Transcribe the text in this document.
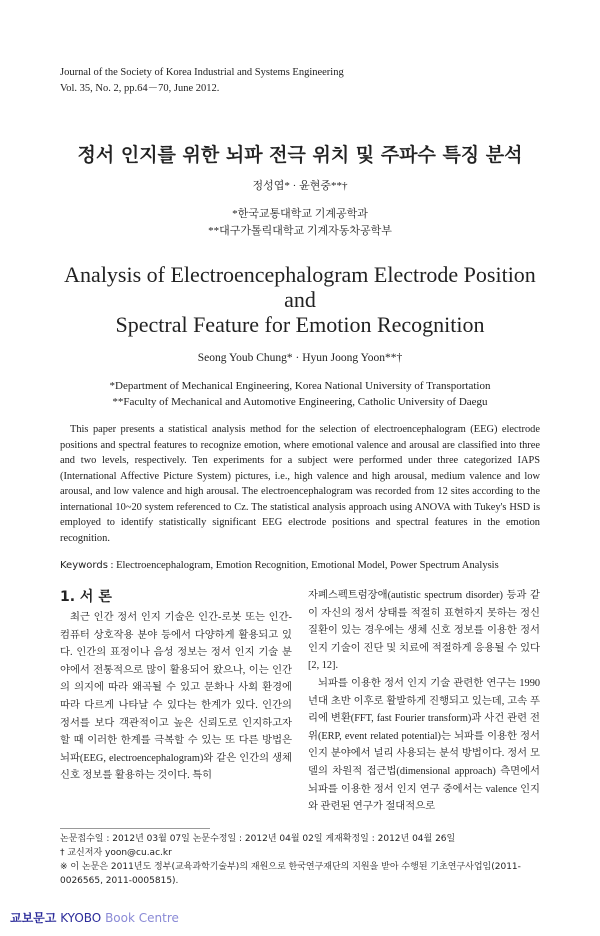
Journal of the Society of Korea Industrial and Systems Engineering
Vol. 35, No. 2, pp.64－70, June 2012.
정서 인지를 위한 뇌파 전극 위치 및 주파수 특징 분석
정성엽* · 윤현중**†
*한국교통대학교 기계공학과
**대구가톨릭대학교 기계자동차공학부
Analysis of Electroencephalogram Electrode Position and
Spectral Feature for Emotion Recognition
Seong Youb Chung* · Hyun Joong Yoon**†
*Department of Mechanical Engineering, Korea National University of Transportation
**Faculty of Mechanical and Automotive Engineering, Catholic University of Daegu
This paper presents a statistical analysis method for the selection of electroencephalogram (EEG) electrode positions and spectral features to recognize emotion, where emotional valence and arousal are classified into three and two levels, respectively. Ten experiments for a subject were performed under three categorized IAPS (International Affective Picture System) pictures, i.e., high valence and high arousal, medium valence and low arousal, and low valence and high arousal. The electroencephalogram was recorded from 12 sites according to the international 10~20 system referenced to Cz. The statistical analysis approach using ANOVA with Tukey's HSD is employed to identify statistically significant EEG electrode positions and spectral features in the emotion recognition.
Keywords : Electroencephalogram, Emotion Recognition, Emotional Model, Power Spectrum Analysis
1. 서 론

최근 인간 정서 인지 기술은 인간-로봇 또는 인간-컴퓨터 상호작용 분야 등에서 다양하게 활용되고 있다. 인간의 표정이나 음성 정보는 정서 인지 기술 분야에서 전통적으로 많이 활용되어 왔으나, 이는 인간의 의지에 따라 왜곡될 수 있고 문화나 사회 환경에 따라 다르게 나타날 수 있다는 한계가 있다. 인간의 정서를 보다 객관적이고 높은 신뢰도로 인지하고자 할 때 이러한 한계를 극복할 수 있는 또 다른 방법은 뇌파(EEG, electroencephalogram)와 같은 인간의 생체 신호 정보를 활용하는 것이다. 특히

자폐스펙트럼장애(autistic spectrum disorder) 등과 같이 자신의 정서 상태를 적절히 표현하지 못하는 정신질환이 있는 경우에는 생체 신호 정보를 이용한 정서 인지 기술이 진단 및 치료에 적절하게 응용될 수 있다[2, 12].

뇌파를 이용한 정서 인지 기술 관련한 연구는 1990년대 초반 이후로 활발하게 진행되고 있는데, 고속 푸리에 변환(FFT, fast Fourier transform)과 사건 관련 전위(ERP, event related potential)는 뇌파를 이용한 정서 인지 분야에서 널리 사용되는 분석 방법이다. 정서 모델의 차원적 접근법(dimensional approach) 측면에서 뇌파를 이용한 정서 인지 연구 중에서는 valence 인지와 관련된 연구가 절대적으로

논문접수일 : 2012년 03월 07일 논문수정일 : 2012년 04월 02일 게재확정일 : 2012년 04월 26일
† 교신저자 yoon@cu.ac.kr
※ 이 논문은 2011년도 정부(교육과학기술부)의 재원으로 한국연구재단의 지원을 받아 수행된 기초연구사업임(2011-0026565, 2011-0005815).
교보문고 KYOBO Book Centre
